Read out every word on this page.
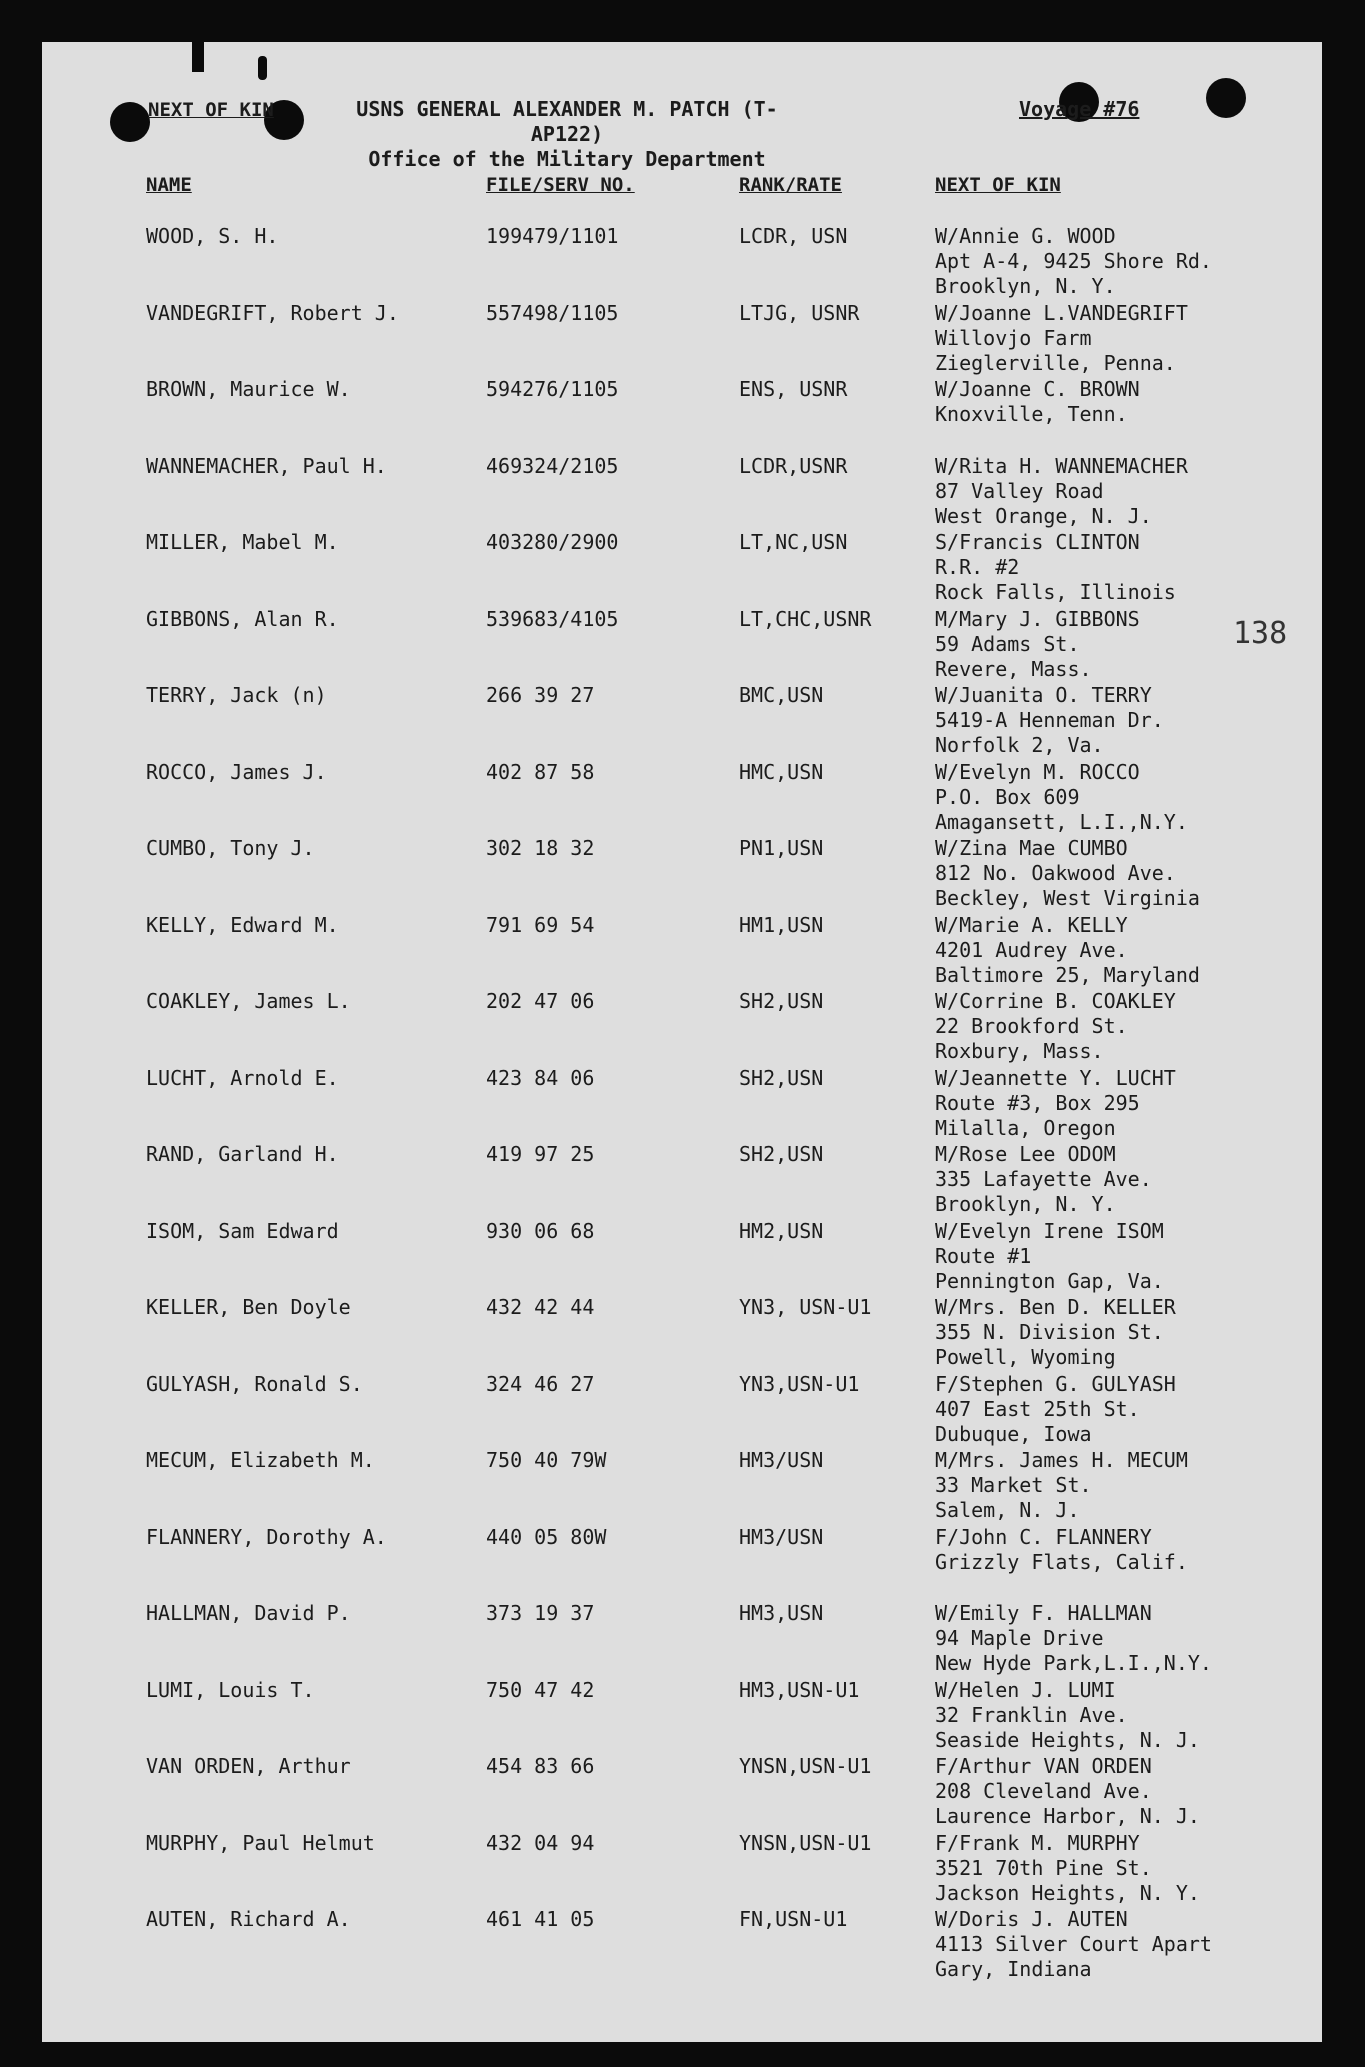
NEXT OF KIN	USNS GENERAL ALEXANDER M. PATCH (T-AP122)
Office of the Military Department
Voyage #76
138
NAME	FILE/SERV NO.	RANK/RATE	NEXT OF KIN
WOOD, S. H.	199479/1101	LCDR, USN	W/Annie G. WOOD
Apt A-4, 9425 Shore Rd.
Brooklyn, N. Y.
VANDEGRIFT, Robert J.	557498/1105	LTJG, USNR	W/Joanne L.VANDEGRIFT
Willovjo Farm
Zieglerville, Penna.
BROWN, Maurice W.	594276/1105	ENS, USNR	W/Joanne C. BROWN
Knoxville, Tenn.
WANNEMACHER, Paul H.	469324/2105	LCDR,USNR	W/Rita H. WANNEMACHER
87 Valley Road
West Orange, N. J.
MILLER, Mabel M.	403280/2900	LT,NC,USN	S/Francis CLINTON
R.R. #2
Rock Falls, Illinois
GIBBONS, Alan R.	539683/4105	LT,CHC,USNR	M/Mary J. GIBBONS
59 Adams St.
Revere, Mass.
TERRY, Jack (n)	266 39 27	BMC,USN	W/Juanita O. TERRY
5419-A Henneman Dr.
Norfolk 2, Va.
ROCCO, James J.	402 87 58	HMC,USN	W/Evelyn M. ROCCO
P.O. Box 609
Amagansett, L.I.,N.Y.
CUMBO, Tony J.	302 18 32	PN1,USN	W/Zina Mae CUMBO
812 No. Oakwood Ave.
Beckley, West Virginia
KELLY, Edward M.	791 69 54	HM1,USN	W/Marie A. KELLY
4201 Audrey Ave.
Baltimore 25, Maryland
COAKLEY, James L.	202 47 06	SH2,USN	W/Corrine B. COAKLEY
22 Brookford St.
Roxbury, Mass.
LUCHT, Arnold E.	423 84 06	SH2,USN	W/Jeannette Y. LUCHT
Route #3, Box 295
Milalla, Oregon
RAND, Garland H.	419 97 25	SH2,USN	M/Rose Lee ODOM
335 Lafayette Ave.
Brooklyn, N. Y.
ISOM, Sam Edward	930 06 68	HM2,USN	W/Evelyn Irene ISOM
Route #1
Pennington Gap, Va.
KELLER, Ben Doyle	432 42 44	YN3, USN-U1	W/Mrs. Ben D. KELLER
355 N. Division St.
Powell, Wyoming
GULYASH, Ronald S.	324 46 27	YN3,USN-U1	F/Stephen G. GULYASH
407 East 25th St.
Dubuque, Iowa
MECUM, Elizabeth M.	750 40 79W	HM3/USN	M/Mrs. James H. MECUM
33 Market St.
Salem, N. J.
FLANNERY, Dorothy A.	440 05 80W	HM3/USN	F/John C. FLANNERY
Grizzly Flats, Calif.
HALLMAN, David P.	373 19 37	HM3,USN	W/Emily F. HALLMAN
94 Maple Drive
New Hyde Park,L.I.,N.Y.
LUMI, Louis T.	750 47 42	HM3,USN-U1	W/Helen J. LUMI
32 Franklin Ave.
Seaside Heights, N. J.
VAN ORDEN, Arthur	454 83 66	YNSN,USN-U1	F/Arthur VAN ORDEN
208 Cleveland Ave.
Laurence Harbor, N. J.
MURPHY, Paul Helmut	432 04 94	YNSN,USN-U1	F/Frank M. MURPHY
3521 70th Pine St.
Jackson Heights, N. Y.
AUTEN, Richard A.	461 41 05	FN,USN-U1	W/Doris J. AUTEN
4113 Silver Court Apart
Gary, Indiana
